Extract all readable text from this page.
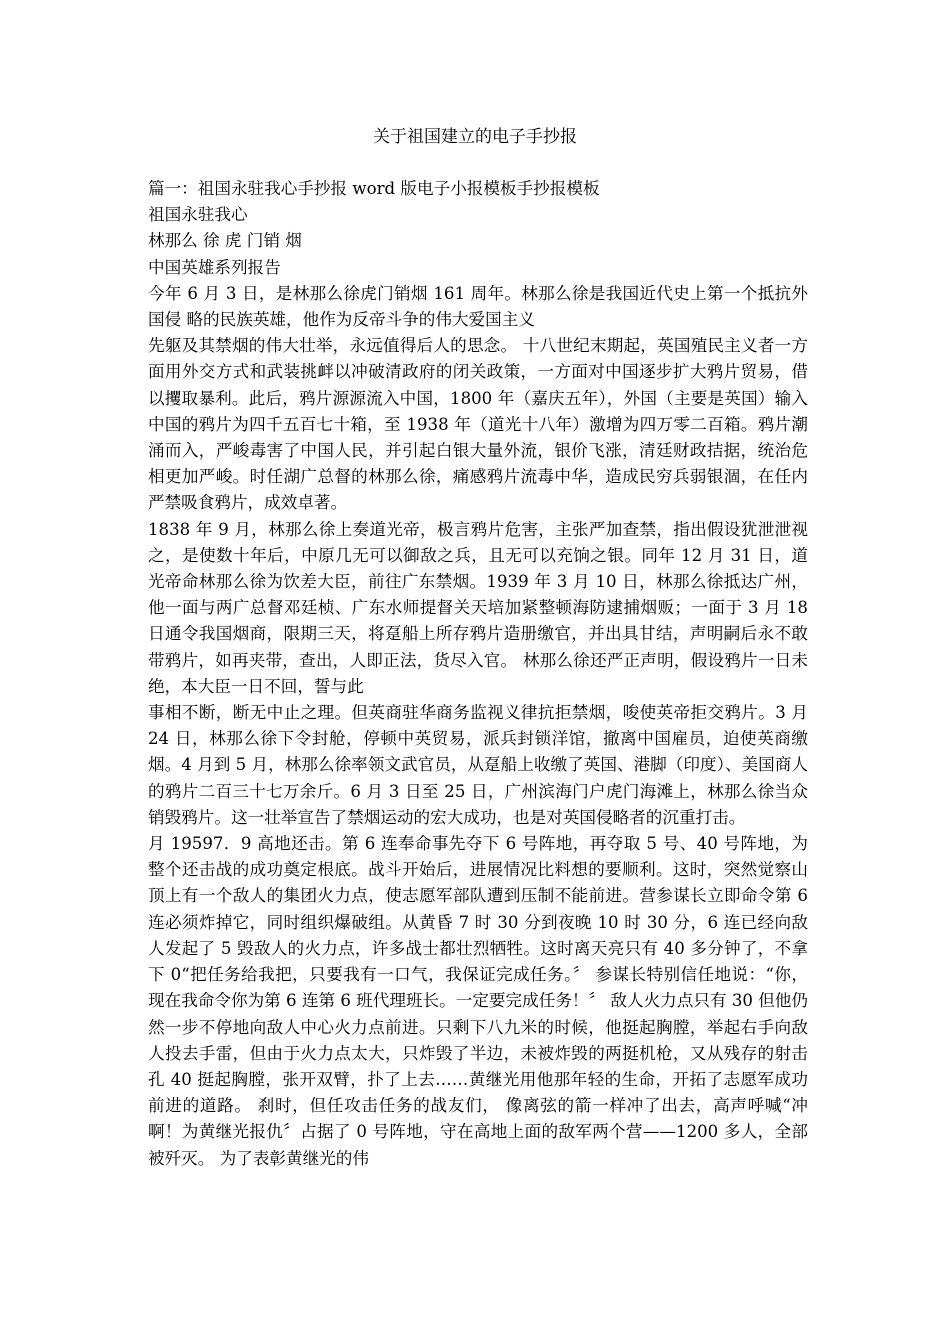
关于祖国建立的电子手抄报

篇一：祖国永驻我心手抄报 word 版电子小报模板手抄报模板

祖国永驻我心

林那么 徐 虎 门销 烟

中国英雄系列报告

今年 6 月 3 日，是林那么徐虎门销烟 161 周年。林那么徐是我国近代史上第一个抵抗外国侵 略的民族英雄，他作为反帝斗争的伟大爱国主义

先躯及其禁烟的伟大壮举，永远值得后人的思念。 十八世纪末期起，英国殖民主义者一方面用外交方式和武装挑衅以冲破清政府的闭关政策，一方面对中国逐步扩大鸦片贸易，借以攫取暴利。此后，鸦片源源流入中国，1800 年（嘉庆五年），外国（主要是英国）输入中国的鸦片为四千五百七十箱，至 1938 年（道光十八年）激增为四万零二百箱。鸦片潮涌而入，严峻毒害了中国人民，并引起白银大量外流，银价飞涨，清廷财政拮据，统治危相更加严峻。时任湖广总督的林那么徐，痛感鸦片流毒中华，造成民穷兵弱银涸，在任内严禁吸食鸦片，成效卓著。

1838 年 9 月，林那么徐上奏道光帝，极言鸦片危害，主张严加查禁，指出假设犹泄泄视之，是使数十年后，中原几无可以御敌之兵，且无可以充饷之银。同年 12 月 31 日，道光帝命林那么徐为饮差大臣，前往广东禁烟。1939 年 3 月 10 日，林那么徐抵达广州，他一面与两广总督邓廷桢、广东水师提督关天培加紧整顿海防逮捕烟贩；一面于 3 月 18 日通令我国烟商，限期三天，将趸船上所存鸦片造册缴官，并出具甘结，声明嗣后永不敢带鸦片，如再夹带，查出，人即正法，货尽入官。 林那么徐还严正声明，假设鸦片一日未绝，本大臣一日不回，誓与此

事相不断，断无中止之理。但英商驻华商务监视义律抗拒禁烟，唆使英帝拒交鸦片。3 月 24 日，林那么徐下令封舱，停顿中英贸易，派兵封锁洋馆，撤离中国雇员，迫使英商缴烟。4 月到 5 月，林那么徐率领文武官员，从趸船上收缴了英国、港脚（印度）、美国商人的鸦片二百三十七万余斤。6 月 3 日至 25 日，广州滨海门户虎门海滩上，林那么徐当众销毁鸦片。这一壮举宣告了禁烟运动的宏大成功，也是对英国侵略者的沉重打击。

月 19597．9 高地还击。第 6 连奉命事先夺下 6 号阵地，再夺取 5 号、40 号阵地，为整个还击战的成功奠定根底。战斗开始后，进展情况比料想的要顺利。这时，突然觉察山顶上有一个敌人的集团火力点，使志愿军部队遭到压制不能前进。营参谋长立即命令第 6 连必须炸掉它，同时组织爆破组。从黄昏 7 时 30 分到夜晚 10 时 30 分，6 连已经向敌人发起了 5 毁敌人的火力点，许多战士都壮烈牺牲。这时离天亮只有 40 多分钟了，不拿下 0“把任务给我把，只要我有一口气，我保证完成任务。〞 参谋长特别信任地说：“你，现在我命令你为第 6 连第 6 班代理班长。一定要完成任务！〞 敌人火力点只有 30 但他仍然一步不停地向敌人中心火力点前进。只剩下八九米的时候，他挺起胸膛，举起右手向敌人投去手雷，但由于火力点太大，只炸毁了半边，未被炸毁的两挺机枪，又从残存的射击孔 40 挺起胸膛，张开双臂，扑了上去……黄继光用他那年轻的生命，开拓了志愿军成功前进的道路。 刹时，但任攻击任务的战友们， 像离弦的箭一样冲了出去，高声呼喊“冲啊！为黄继光报仇〞占据了 0 号阵地，守在高地上面的敌军两个营——1200 多人，全部被歼灭。 为了表彰黄继光的伟
